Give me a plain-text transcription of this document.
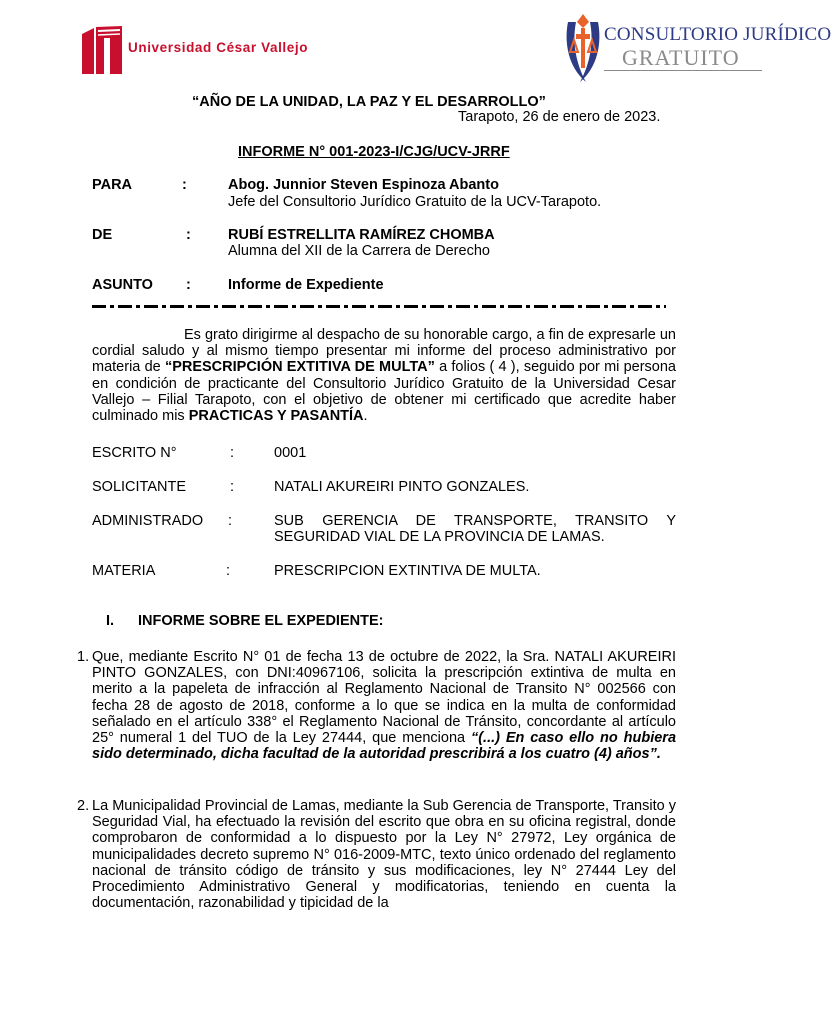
Universidad César Vallejo
CONSULTORIO JURÍDICO
GRATUITO
“AÑO DE LA UNIDAD, LA PAZ Y EL DESARROLLO”
Tarapoto, 26 de enero de 2023.
INFORME N° 001-2023-I/CJG/UCV-JRRF
PARA	:	Abog. Junnior Steven Espinoza Abanto
Jefe del Consultorio Jurídico Gratuito de la UCV-Tarapoto.
DE	:	RUBÍ ESTRELLITA RAMÍREZ CHOMBA
Alumna del XII de la Carrera de Derecho
ASUNTO :	Informe de Expediente
Es grato dirigirme al despacho de su honorable cargo, a fin de expresarle un cordial saludo y al mismo tiempo presentar mi informe del proceso administrativo por materia de “PRESCRIPCIÓN EXTITIVA DE MULTA” a folios ( 4 ), seguido por mi persona en condición de practicante del Consultorio Jurídico Gratuito de la Universidad Cesar Vallejo – Filial Tarapoto, con el objetivo de obtener mi certificado que acredite haber culminado mis PRACTICAS Y PASANTÍA.
ESCRITO N°	:	0001
SOLICITANTE	:	NATALI AKUREIRI PINTO GONZALES.
ADMINISTRADO :	SUB GERENCIA DE TRANSPORTE, TRANSITO Y SEGURIDAD VIAL DE LA PROVINCIA DE LAMAS.
MATERIA	:	PRESCRIPCION EXTINTIVA DE MULTA.
I. INFORME SOBRE EL EXPEDIENTE:
1. Que, mediante Escrito N° 01 de fecha 13 de octubre de 2022, la Sra. NATALI AKUREIRI PINTO GONZALES, con DNI:40967106, solicita la prescripción extintiva de multa en merito a la papeleta de infracción al Reglamento Nacional de Transito N° 002566 con fecha 28 de agosto de 2018, conforme a lo que se indica en la multa de conformidad señalado en el artículo 338° el Reglamento Nacional de Tránsito, concordante al artículo 25° numeral 1 del TUO de la Ley 27444, que menciona “(...) En caso ello no hubiera sido determinado, dicha facultad de la autoridad prescribirá a los cuatro (4) años”.
2. La Municipalidad Provincial de Lamas, mediante la Sub Gerencia de Transporte, Transito y Seguridad Vial, ha efectuado la revisión del escrito que obra en su oficina registral, donde comprobaron de conformidad a lo dispuesto por la Ley N° 27972, Ley orgánica de municipalidades decreto supremo N° 016-2009-MTC, texto único ordenado del reglamento nacional de tránsito código de tránsito y sus modificaciones, ley N° 27444 Ley del Procedimiento Administrativo General y modificatorias, teniendo en cuenta la documentación, razonabilidad y tipicidad de la
